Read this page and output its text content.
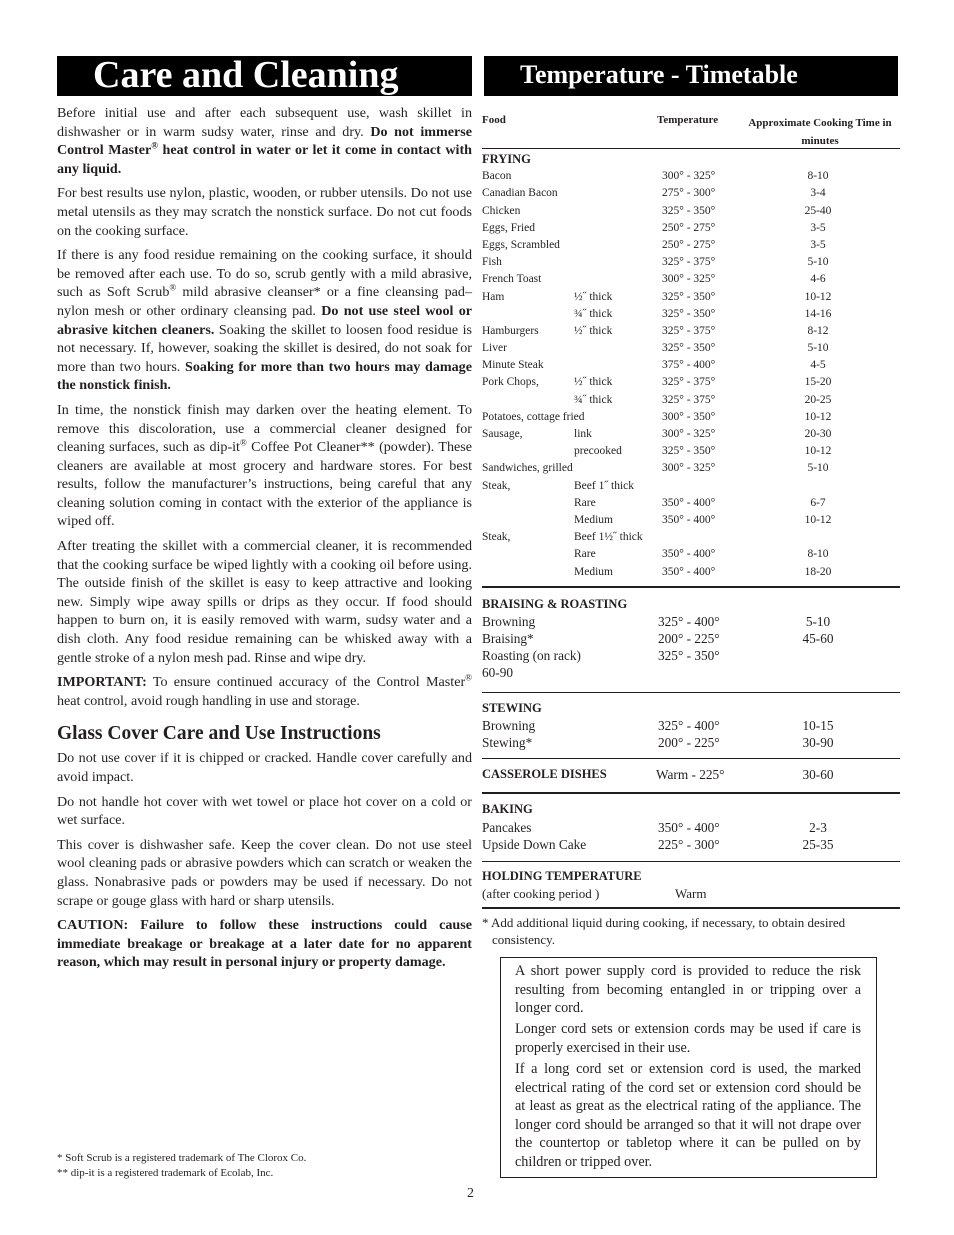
Care and Cleaning	Temperature - Timetable

Before initial use and after each subsequent use, wash skillet in dishwasher or in warm sudsy water, rinse and dry. Do not immerse Control Master® heat control in water or let it come in contact with any liquid.

For best results use nylon, plastic, wooden, or rubber utensils. Do not use metal utensils as they may scratch the nonstick surface. Do not cut foods on the cooking surface.

If there is any food residue remaining on the cooking surface, it should be removed after each use. To do so, scrub gently with a mild abrasive, such as Soft Scrub® mild abrasive cleanser* or a fine cleansing pad–nylon mesh or other ordinary cleansing pad. Do not use steel wool or abrasive kitchen cleaners. Soaking the skillet to loosen food residue is not necessary. If, however, soaking the skillet is desired, do not soak for more than two hours. Soaking for more than two hours may damage the nonstick finish.

In time, the nonstick finish may darken over the heating element. To remove this discoloration, use a commercial cleaner designed for cleaning surfaces, such as dip-it® Coffee Pot Cleaner** (powder). These cleaners are available at most grocery and hardware stores. For best results, follow the manufacturer’s instructions, being careful that any cleaning solution coming in contact with the exterior of the appliance is wiped off.

After treating the skillet with a commercial cleaner, it is recommended that the cooking surface be wiped lightly with a cooking oil before using. The outside finish of the skillet is easy to keep attractive and looking new. Simply wipe away spills or drips as they occur. If food should happen to burn on, it is easily removed with warm, sudsy water and a dish cloth. Any food residue remaining can be whisked away with a gentle stroke of a nylon mesh pad. Rinse and wipe dry.

IMPORTANT: To ensure continued accuracy of the Control Master® heat control, avoid rough handling in use and storage.

Glass Cover Care and Use Instructions

Do not use cover if it is chipped or cracked. Handle cover carefully and avoid impact.

Do not handle hot cover with wet towel or place hot cover on a cold or wet surface.

This cover is dishwasher safe. Keep the cover clean. Do not use steel wool cleaning pads or abrasive powders which can scratch or weaken the glass. Nonabrasive pads or powders may be used if necessary. Do not scrape or gouge glass with hard or sharp utensils.

CAUTION: Failure to follow these instructions could cause immediate breakage or breakage at a later date for no apparent reason, which may result in personal injury or property damage.

* Soft Scrub is a registered trademark of The Clorox Co.
** dip-it is a registered trademark of Ecolab, Inc.
2
Food	Temperature	Approximate Cooking Time in minutes
FRYING
Bacon	300° - 325°	8-10
Canadian Bacon	275° - 300°	3-4
Chicken	325° - 350°	25-40
Eggs, Fried	250° - 275°	3-5
Eggs, Scrambled	250° - 275°	3-5
Fish	325° - 375°	5-10
French Toast	300° - 325°	4-6
Ham	½˝ thick	325° - 350°	10-12
¾˝ thick	325° - 350°	14-16
Hamburgers	½˝ thick	325° - 375°	8-12
Liver	325° - 350°	5-10
Minute Steak	375° - 400°	4-5
Pork Chops,	½˝ thick	325° - 375°	15-20
¾˝ thick	325° - 375°	20-25
Potatoes, cottage fried	300° - 350°	10-12
Sausage,	link	300° - 325°	20-30
precooked	325° - 350°	10-12
Sandwiches, grilled	300° - 325°	5-10
Steak,	Beef 1˝ thick
Rare	350° - 400°	6-7
Medium	350° - 400°	10-12
Steak,	Beef 1½˝ thick
Rare	350° - 400°	8-10
Medium	350° - 400°	18-20
BRAISING & ROASTING
Browning	325° - 400°	5-10
Braising*	200° - 225°	45-60
Roasting (on rack)	325° - 350°
60-90
STEWING
Browning	325° - 400°	10-15
Stewing*	200° - 225°	30-90
CASSEROLE DISHES	Warm - 225°	30-60
BAKING
Pancakes	350° - 400°	2-3
Upside Down Cake	225° - 300°	25-35
HOLDING TEMPERATURE
(after cooking period )	Warm
* Add additional liquid during cooking, if necessary, to obtain desired
consistency.

A short power supply cord is provided to reduce the risk resulting from becoming entangled in or tripping over a longer cord.

Longer cord sets or extension cords may be used if care is properly exercised in their use.

If a long cord set or extension cord is used, the marked electrical rating of the cord set or extension cord should be at least as great as the electrical rating of the appliance. The longer cord should be arranged so that it will not drape over the countertop or tabletop where it can be pulled on by children or tripped over.
